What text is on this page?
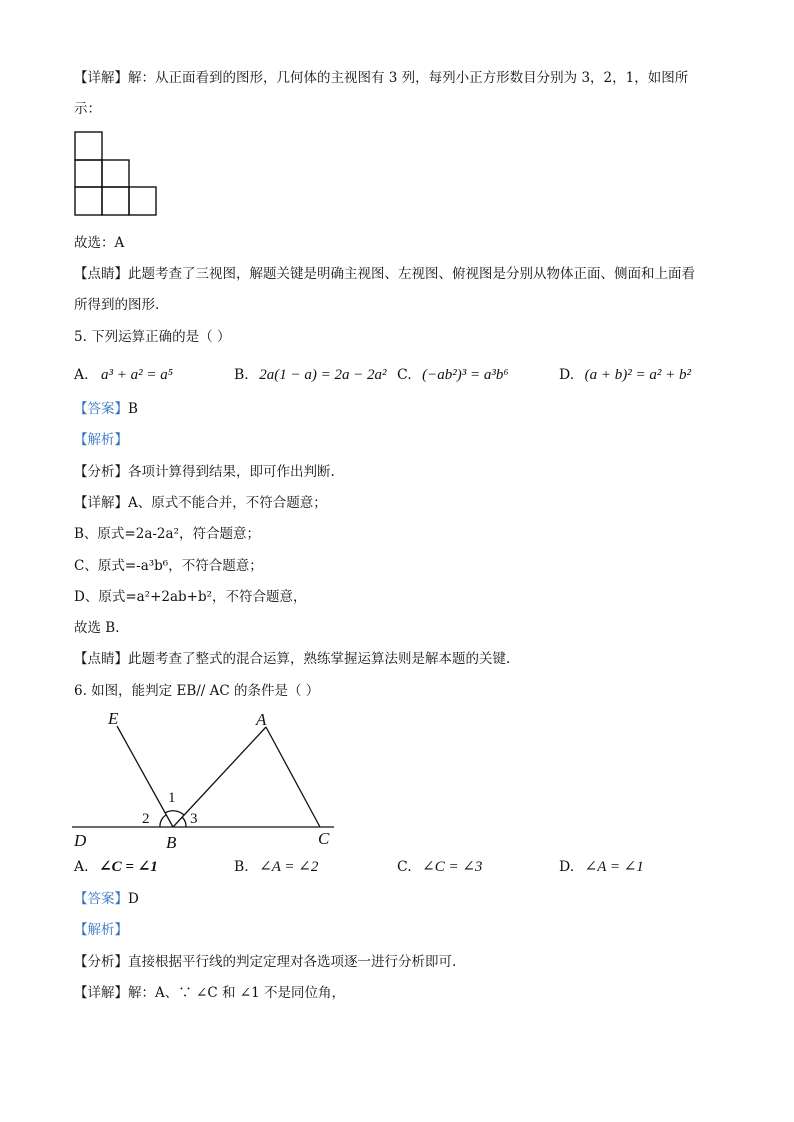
【详解】解：从正面看到的图形，几何体的主视图有 3 列，每列小正方形数目分别为 3，2，1，如图所
示：
故选：A
【点睛】此题考查了三视图，解题关键是明确主视图、左视图、俯视图是分别从物体正面、侧面和上面看
所得到的图形.
5. 下列运算正确的是（ ）
A. a³ + a² = a⁵	B. 2a(1 − a) = 2a − 2a² C. (−ab²)³ = a³b⁶	D. (a + b)² = a² + b²
【答案】B
【解析】
【分析】各项计算得到结果，即可作出判断.
【详解】A、原式不能合并，不符合题意；
B、原式=2a-2a²，符合题意；
C、原式=-a³b⁶，不符合题意；
D、原式=a²+2ab+b²，不符合题意，
故选 B.
【点睛】此题考查了整式的混合运算，熟练掌握运算法则是解本题的关键.
6. 如图，能判定 EB// AC 的条件是（ ）
E	A
D	B	C
1
2	3
A. ∠C = ∠1	B. ∠A = ∠2	C. ∠C = ∠3	D. ∠A = ∠1
【答案】D
【解析】
【分析】直接根据平行线的判定定理对各选项逐一进行分析即可.
【详解】解：A、∵ ∠C 和 ∠1 不是同位角，
